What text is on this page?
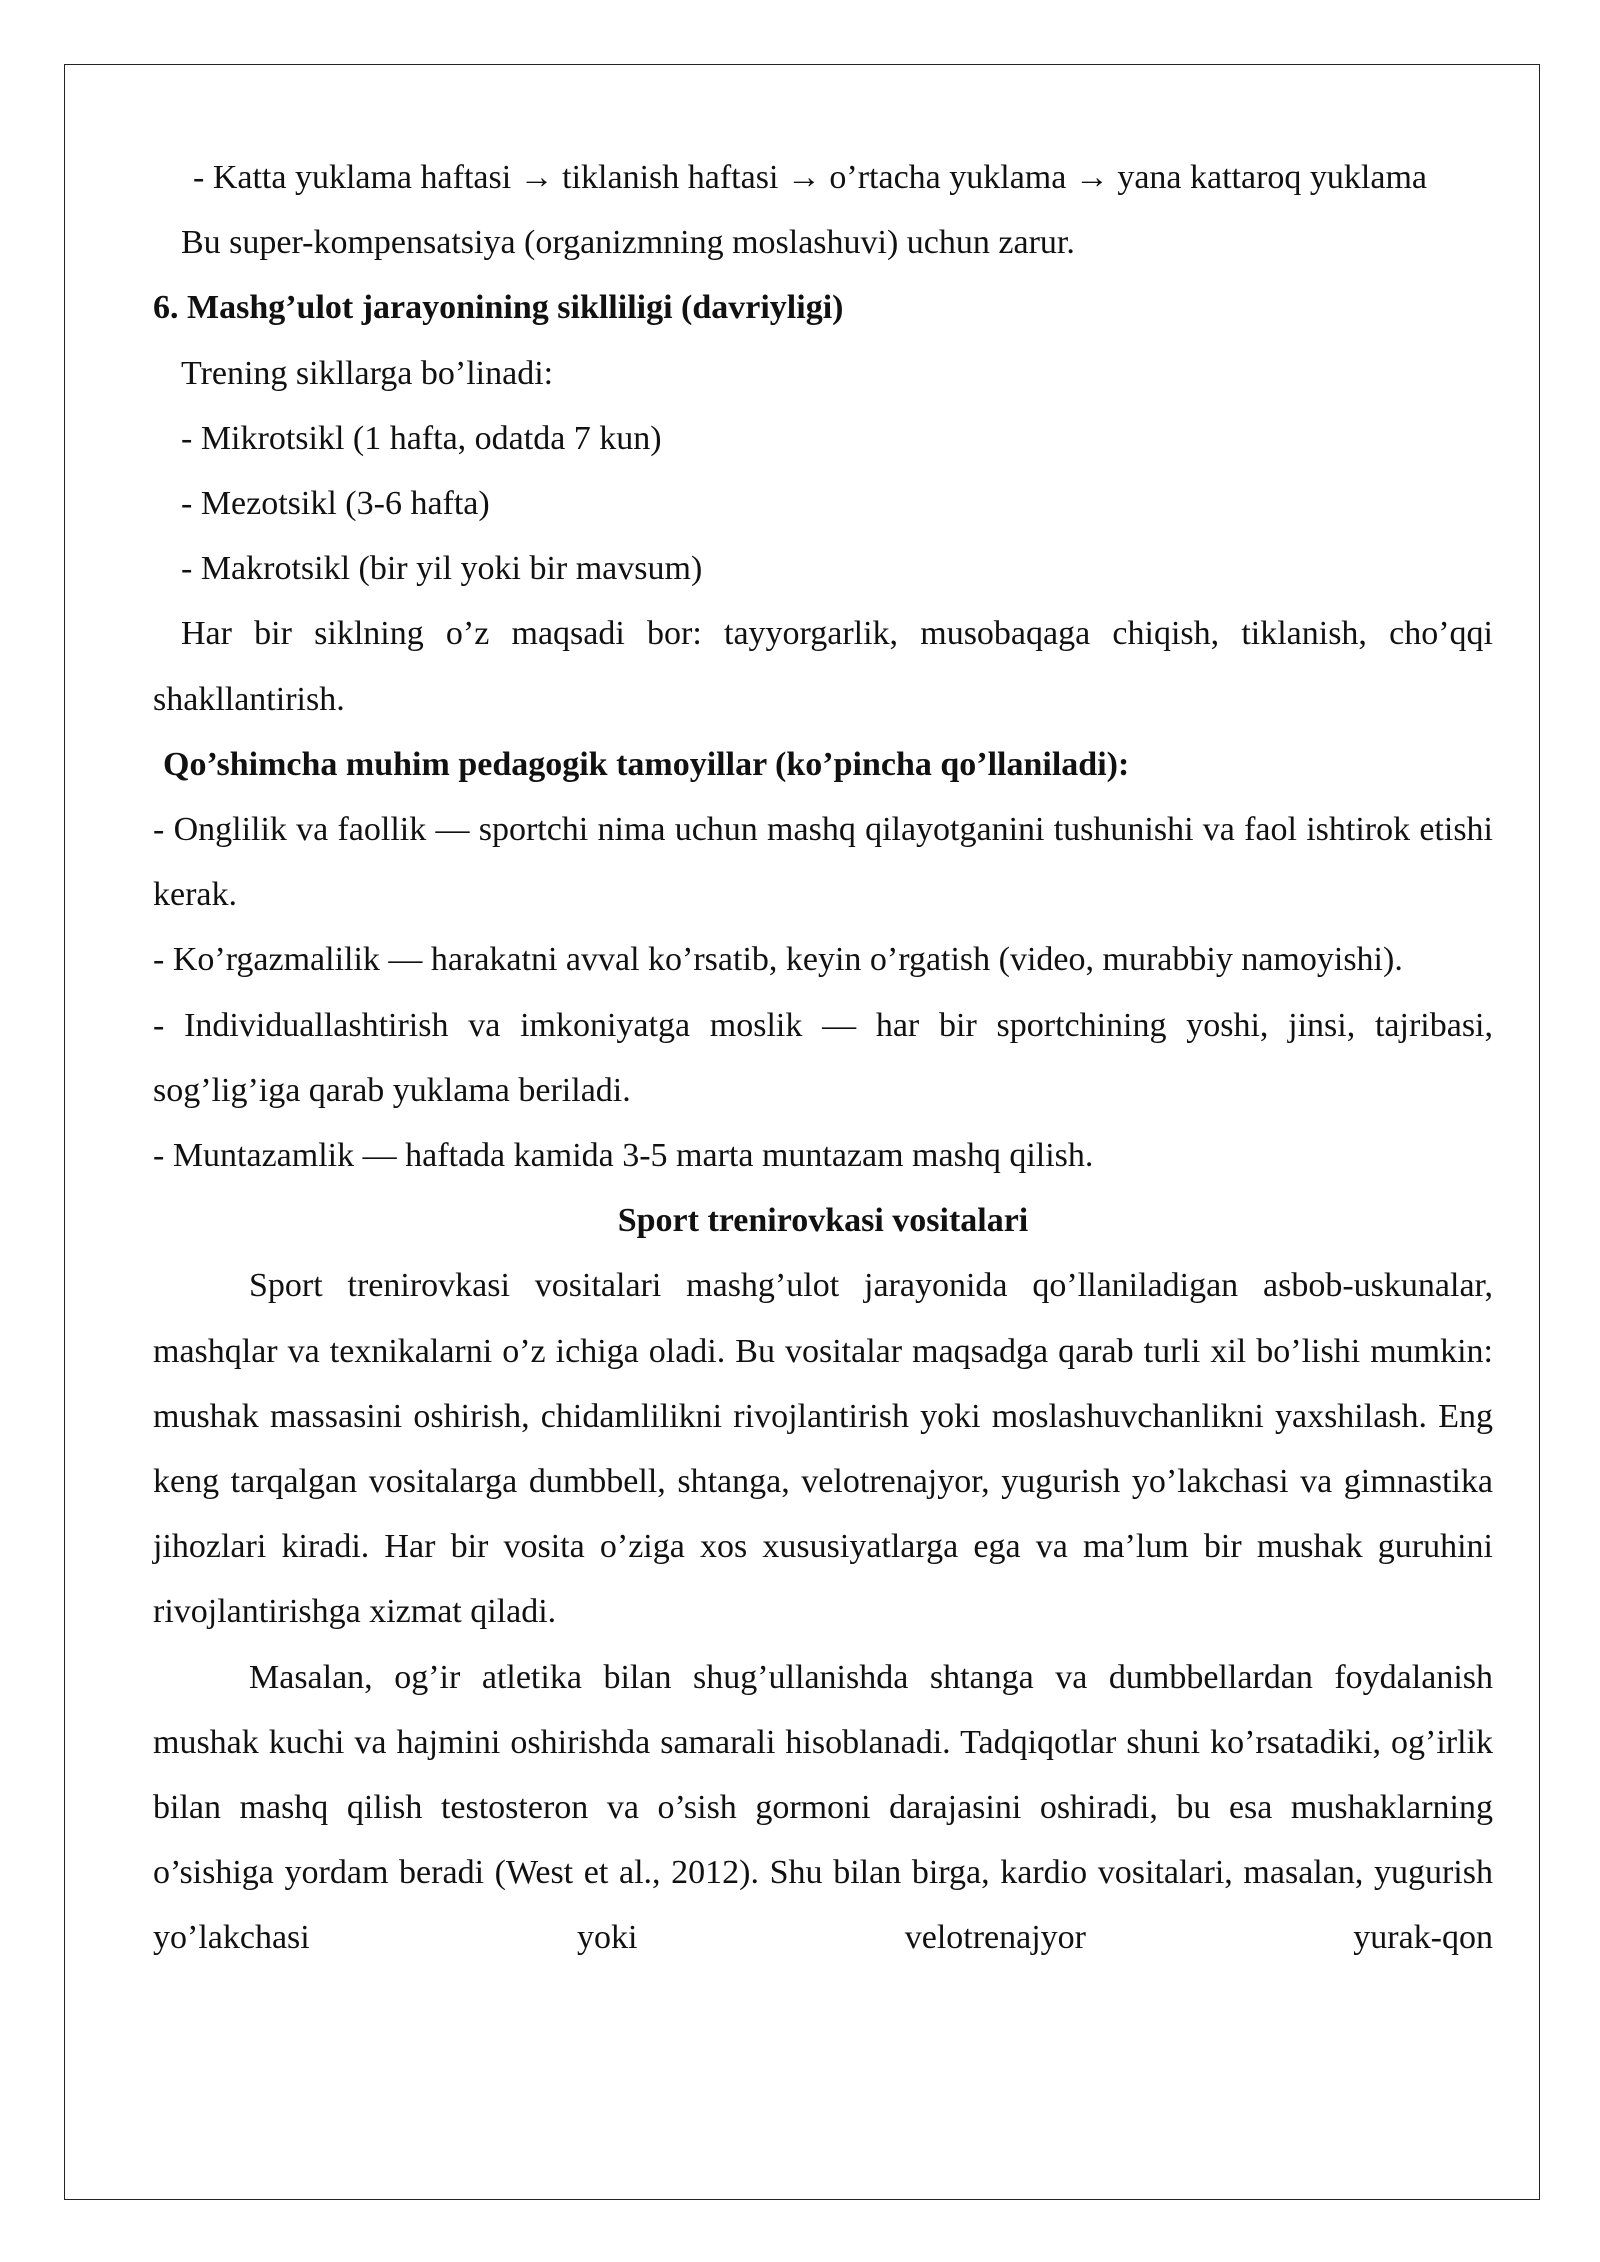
- Katta yuklama haftasi → tiklanish haftasi → o’rtacha yuklama → yana kattaroq yuklama

Bu super-kompensatsiya (organizmning moslashuvi) uchun zarur.

6. Mashg’ulot jarayonining siklliligi (davriyligi)

Trening sikllarga bo’linadi:

- Mikrotsikl (1 hafta, odatda 7 kun)

- Mezotsikl (3-6 hafta)

- Makrotsikl (bir yil yoki bir mavsum)

Har bir siklning o’z maqsadi bor: tayyorgarlik, musobaqaga chiqish, tiklanish, cho’qqi shakllantirish.

Qo’shimcha muhim pedagogik tamoyillar (ko’pincha qo’llaniladi):

- Onglilik va faollik — sportchi nima uchun mashq qilayotganini tushunishi va faol ishtirok etishi kerak.

- Ko’rgazmalilik — harakatni avval ko’rsatib, keyin o’rgatish (video, murabbiy namoyishi).

- Individuallashtirish va imkoniyatga moslik — har bir sportchining yoshi, jinsi, tajribasi, sog’lig’iga qarab yuklama beriladi.

- Muntazamlik — haftada kamida 3-5 marta muntazam mashq qilish.

Sport trenirovkasi vositalari

Sport trenirovkasi vositalari mashg’ulot jarayonida qo’llaniladigan asbob-uskunalar, mashqlar va texnikalarni o’z ichiga oladi. Bu vositalar maqsadga qarab turli xil bo’lishi mumkin: mushak massasini oshirish, chidamlilikni rivojlantirish yoki moslashuvchanlikni yaxshilash. Eng keng tarqalgan vositalarga dumbbell, shtanga, velotrenajyor, yugurish yo’lakchasi va gimnastika jihozlari kiradi. Har bir vosita o’ziga xos xususiyatlarga ega va ma’lum bir mushak guruhini rivojlantirishga xizmat qiladi.

Masalan, og’ir atletika bilan shug’ullanishda shtanga va dumbbellardan foydalanish mushak kuchi va hajmini oshirishda samarali hisoblanadi. Tadqiqotlar shuni ko’rsatadiki, og’irlik bilan mashq qilish testosteron va o’sish gormoni darajasini oshiradi, bu esa mushaklarning o’sishiga yordam beradi (West et al., 2012). Shu bilan birga, kardio vositalari, masalan, yugurish yo’lakchasi yoki velotrenajyor yurak-qon
